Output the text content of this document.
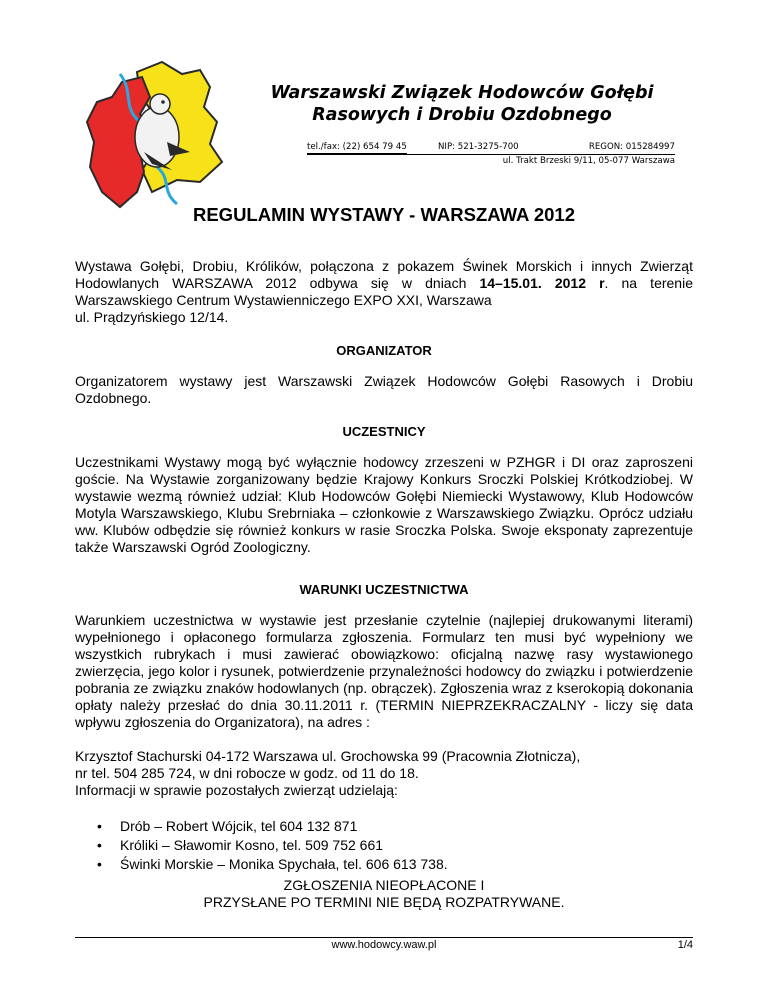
Warszawski Związek Hodowców Gołębi
Rasowych i Drobiu Ozdobnego
tel./fax: (22) 654 79 45	NIP: 521-3275-700	REGON: 015284997
ul. Trakt Brzeski 9/11, 05-077 Warszawa
REGULAMIN WYSTAWY - WARSZAWA 2012
Wystawa Gołębi, Drobiu, Królików, połączona z pokazem Świnek Morskich i innych Zwierząt Hodowlanych WARSZAWA 2012 odbywa się w dniach 14–15.01. 2012 r. na terenie Warszawskiego Centrum Wystawienniczego EXPO XXI, Warszawa
ul. Prądzyńskiego 12/14.
ORGANIZATOR
Organizatorem wystawy jest Warszawski Związek Hodowców Gołębi Rasowych i Drobiu Ozdobnego.
UCZESTNICY
Uczestnikami Wystawy mogą być wyłącznie hodowcy zrzeszeni w PZHGR i DI oraz zaproszeni goście. Na Wystawie zorganizowany będzie Krajowy Konkurs Sroczki Polskiej Krótkodziobej. W wystawie wezmą również udział: Klub Hodowców Gołębi Niemiecki Wystawowy, Klub Hodowców Motyla Warszawskiego, Klubu Srebrniaka – członkowie z Warszawskiego Związku. Oprócz udziału ww. Klubów odbędzie się również konkurs w rasie Sroczka Polska. Swoje eksponaty zaprezentuje także Warszawski Ogród Zoologiczny.
WARUNKI UCZESTNICTWA
Warunkiem uczestnictwa w wystawie jest przesłanie czytelnie (najlepiej drukowanymi literami) wypełnionego i opłaconego formularza zgłoszenia. Formularz ten musi być wypełniony we wszystkich rubrykach i musi zawierać obowiązkowo: oficjalną nazwę rasy wystawionego zwierzęcia, jego kolor i rysunek, potwierdzenie przynależności hodowcy do związku i potwierdzenie pobrania ze związku znaków hodowlanych (np. obrączek). Zgłoszenia wraz z kserokopią dokonania opłaty należy przesłać do dnia 30.11.2011 r. (TERMIN NIEPRZEKRACZALNY - liczy się data wpływu zgłoszenia do Organizatora), na adres :
Krzysztof Stachurski 04-172 Warszawa ul. Grochowska 99 (Pracownia Złotnicza),
nr tel. 504 285 724, w dni robocze w godz. od 11 do 18.
Informacji w sprawie pozostałych zwierząt udzielają:
• Drób – Robert Wójcik, tel 604 132 871
• Króliki – Sławomir Kosno, tel. 509 752 661
• Świnki Morskie – Monika Spychała, tel. 606 613 738.
ZGŁOSZENIA NIEOPŁACONE I
PRZYSŁANE PO TERMINI NIE BĘDĄ ROZPATRYWANE.
www.hodowcy.waw.pl	1/4
